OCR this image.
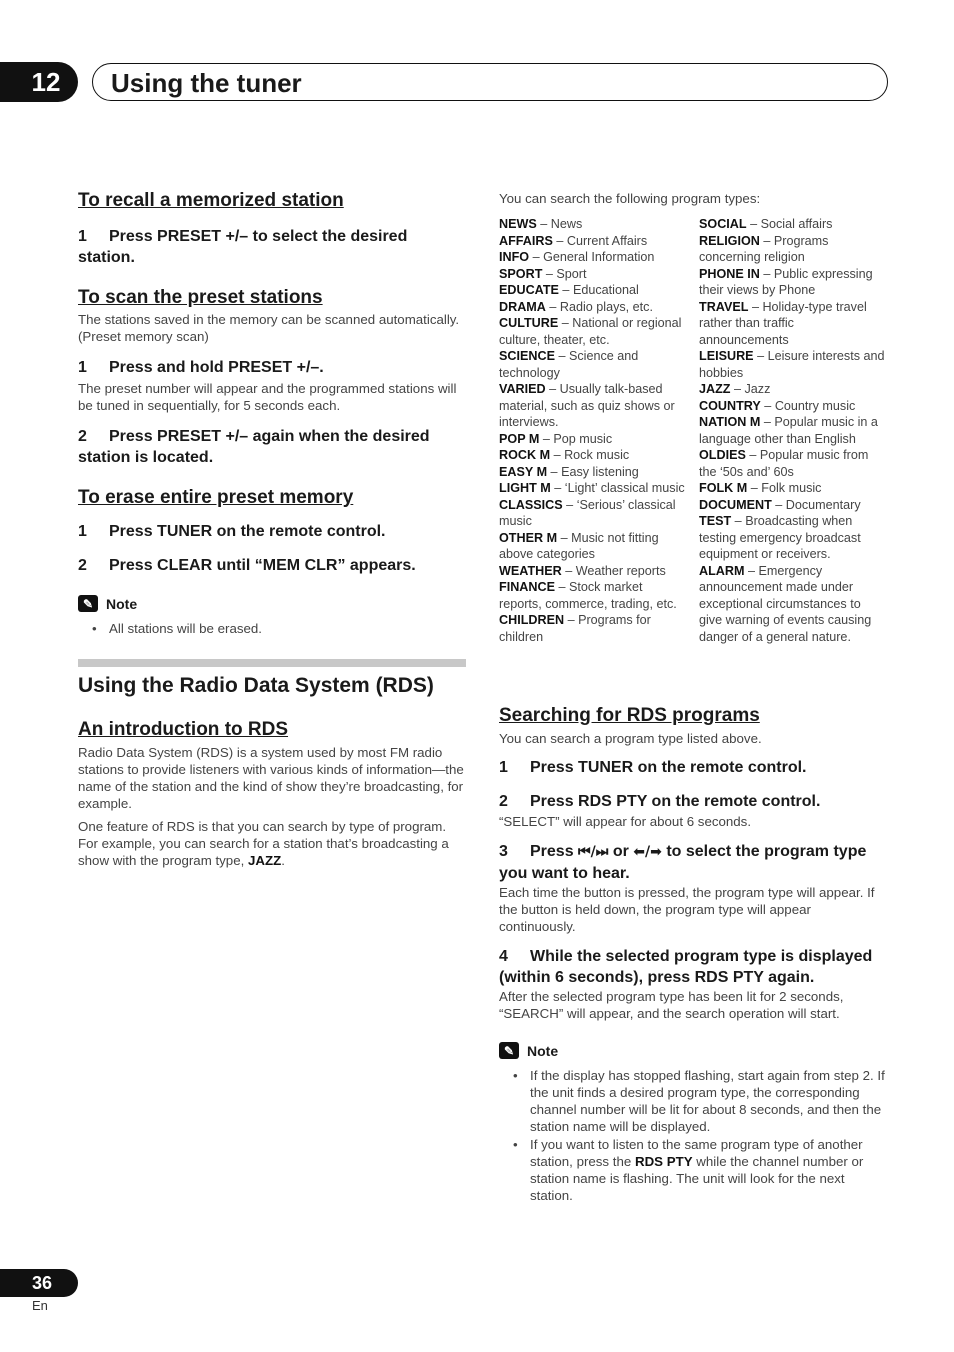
12 Using the tuner

To recall a memorized station

1 Press PRESET +/– to select the desired station.

To scan the preset stations

The stations saved in the memory can be scanned automatically. (Preset memory scan)

1 Press and hold PRESET +/–.

The preset number will appear and the programmed stations will be tuned in sequentially, for 5 seconds each.

2 Press PRESET +/– again when the desired station is located.

To erase entire preset memory

1 Press TUNER on the remote control.

2 Press CLEAR until “MEM CLR” appears.

✎ Note
• All stations will be erased.

Using the Radio Data System (RDS)

An introduction to RDS

Radio Data System (RDS) is a system used by most FM radio stations to provide listeners with various kinds of information—the name of the station and the kind of show they’re broadcasting, for example.

One feature of RDS is that you can search by type of program. For example, you can search for a station that’s broadcasting a show with the program type, JAZZ.

You can search the following program types:

NEWS – News

AFFAIRS – Current Affairs

INFO – General Information

SPORT – Sport

EDUCATE – Educational

DRAMA – Radio plays, etc.

CULTURE – National or regional culture, theater, etc.

SCIENCE – Science and technology

VARIED – Usually talk-based material, such as quiz shows or interviews.

POP M – Pop music

ROCK M – Rock music

EASY M – Easy listening

LIGHT M – ‘Light’ classical music

CLASSICS – ‘Serious’ classical music

OTHER M – Music not fitting above categories

WEATHER – Weather reports

FINANCE – Stock market reports, commerce, trading, etc.

CHILDREN – Programs for children

SOCIAL – Social affairs

RELIGION – Programs concerning religion

PHONE IN – Public expressing their views by Phone

TRAVEL – Holiday-type travel rather than traffic announcements

LEISURE – Leisure interests and hobbies

JAZZ – Jazz

COUNTRY – Country music

NATION M – Popular music in a language other than English

OLDIES – Popular music from the ‘50s and’ 60s

FOLK M – Folk music

DOCUMENT – Documentary

TEST – Broadcasting when testing emergency broadcast equipment or receivers.

ALARM – Emergency announcement made under exceptional circumstances to give warning of events causing danger of a general nature.

Searching for RDS programs

You can search a program type listed above.

1 Press TUNER on the remote control.

2 Press RDS PTY on the remote control.

“SELECT” will appear for about 6 seconds.

3 Press ⏮/⏭ or ⬅/➡ to select the program type you want to hear.

Each time the button is pressed, the program type will appear. If the button is held down, the program type will appear continuously.

4 While the selected program type is displayed (within 6 seconds), press RDS PTY again.

After the selected program type has been lit for 2 seconds, “SEARCH” will appear, and the search operation will start.

✎ Note
• If the display has stopped flashing, start again from step 2. If the unit finds a desired program type, the corresponding channel number will be lit for about 8 seconds, and then the station name will be displayed.
• If you want to listen to the same program type of another station, press the RDS PTY while the channel number or station name is flashing. The unit will look for the next station.
36
En
